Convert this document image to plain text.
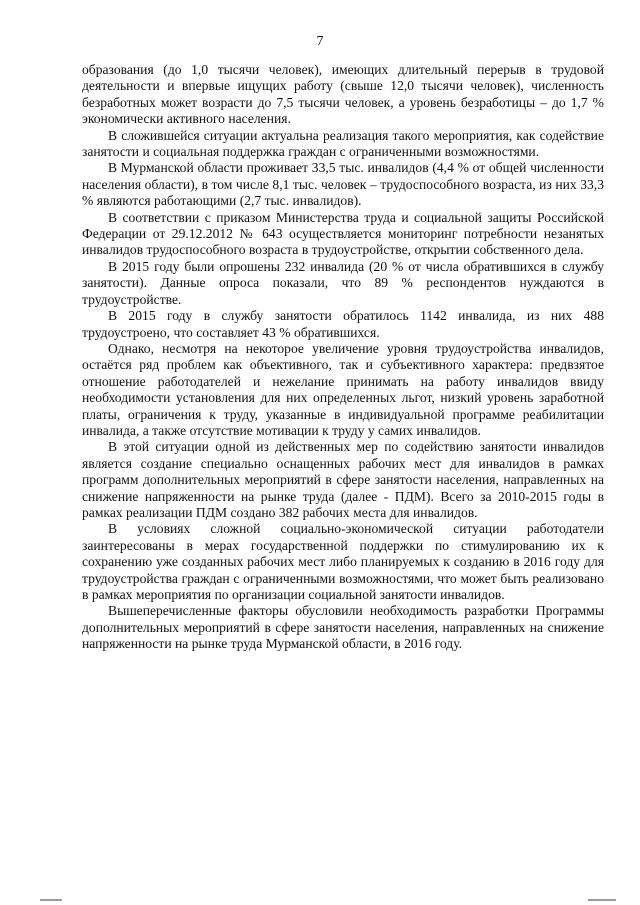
7

образования (до 1,0 тысячи человек), имеющих длительный перерыв в трудовой деятельности и впервые ищущих работу (свыше 12,0 тысячи человек), численность безработных может возрасти до 7,5 тысячи человек, а уровень безработицы – до 1,7 % экономически активного населения.

В сложившейся ситуации актуальна реализация такого мероприятия, как содействие занятости и социальная поддержка граждан с ограниченными возможностями.

В Мурманской области проживает 33,5 тыс. инвалидов (4,4 % от общей численности населения области), в том числе 8,1 тыс. человек – трудоспособного возраста, из них 33,3 % являются работающими (2,7 тыс. инвалидов).

В соответствии с приказом Министерства труда и социальной защиты Российской Федерации от 29.12.2012 № 643 осуществляется мониторинг потребности незанятых инвалидов трудоспособного возраста в трудоустройстве, открытии собственного дела.

В 2015 году были опрошены 232 инвалида (20 % от числа обратившихся в службу занятости). Данные опроса показали, что 89 % респондентов нуждаются в трудоустройстве.

В 2015 году в службу занятости обратилось 1142 инвалида, из них 488 трудоустроено, что составляет 43 % обратившихся.

Однако, несмотря на некоторое увеличение уровня трудоустройства инвалидов, остаётся ряд проблем как объективного, так и субъективного характера: предвзятое отношение работодателей и нежелание принимать на работу инвалидов ввиду необходимости установления для них определенных льгот, низкий уровень заработной платы, ограничения к труду, указанные в индивидуальной программе реабилитации инвалида, а также отсутствие мотивации к труду у самих инвалидов.

В этой ситуации одной из действенных мер по содействию занятости инвалидов является создание специально оснащенных рабочих мест для инвалидов в рамках программ дополнительных мероприятий в сфере занятости населения, направленных на снижение напряженности на рынке труда (далее - ПДМ). Всего за 2010-2015 годы в рамках реализации ПДМ создано 382 рабочих места для инвалидов.

В условиях сложной социально-экономической ситуации работодатели заинтересованы в мерах государственной поддержки по стимулированию их к сохранению уже созданных рабочих мест либо планируемых к созданию в 2016 году для трудоустройства граждан с ограниченными возможностями, что может быть реализовано в рамках мероприятия по организации социальной занятости инвалидов.

Вышеперечисленные факторы обусловили необходимость разработки Программы дополнительных мероприятий в сфере занятости населения, направленных на снижение напряженности на рынке труда Мурманской области, в 2016 году.
